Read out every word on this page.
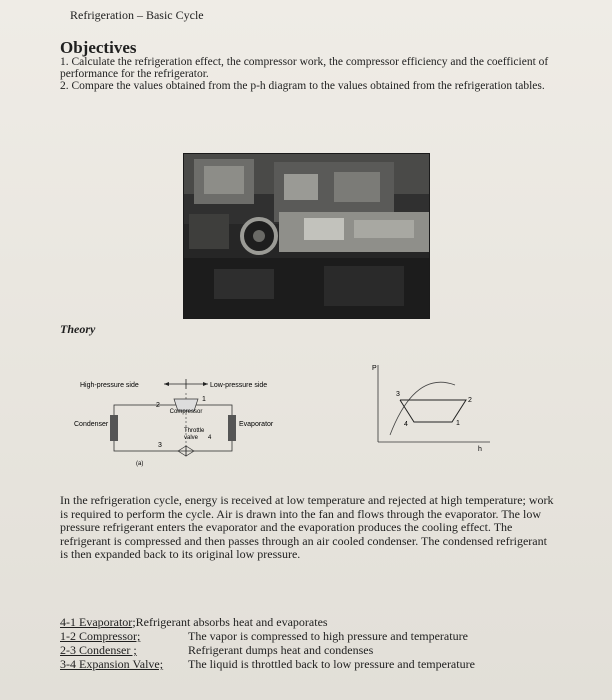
Refrigeration – Basic Cycle
Objectives

1. Calculate the refrigeration effect, the compressor work, the compressor efficiency and the coefficient of performance for the refrigerator.

2. Compare the values obtained from the p-h diagram to the values obtained from the refrigeration tables.

Theory
High-pressure side	Low-pressure side
Condenser	Evaporator
Compressor
Throttle
valve
2
1
3
4
(a)
P
h
3
2
1
4
In the refrigeration cycle, energy is received at low temperature and rejected at high temperature; work
is required to perform the cycle. Air is drawn into the fan and flows through the evaporator. The low
pressure refrigerant enters the evaporator and the evaporation produces the cooling effect. The
refrigerant is compressed and then passes through an air cooled condenser. The condensed refrigerant
is then expanded back to its original low pressure.
4-1 Evaporator ;Refrigerant absorbs heat and evaporates
1-2 Compressor;	The vapor is compressed to high pressure and temperature
2-3 Condenser ;	Refrigerant dumps heat and condenses
3-4 Expansion Valve;	The liquid is throttled back to low pressure and temperature
